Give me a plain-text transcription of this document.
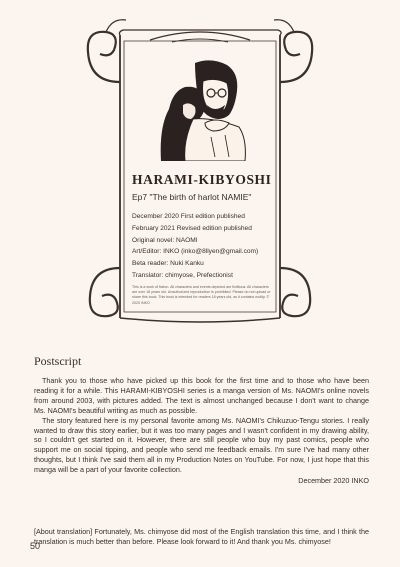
HARAMI-KIBYOSHI
Ep7 "The birth of harlot NAMIE"
December 2020 First edition published
February 2021 Revised edition published
Original novel: NAOMI
Art/Editor: INKO (inko@8llyen@gmail.com)
Beta reader: Nuki Kanku
Translator: chimyose, Prefectionist
This is a work of fiction. All characters and events depicted are fictitious. All characters are over 18 years old. Unauthorized reproduction is prohibited. Please do not upload or share this book. This book is intended for readers 18 years old, as it contains nudity. © 2020 INKO
Postscript

Thank you to those who have picked up this book for the first time and to those who have been reading it for a while. This HARAMI-KIBYOSHI series is a manga version of Ms. NAOMI's online novels from around 2003, with pictures added. The text is almost unchanged because I don't want to change Ms. NAOMI's beautiful writing as much as possible.

The story featured here is my personal favorite among Ms. NAOMI's Chikuzuo-Tengu stories. I really wanted to draw this story earlier, but it was too many pages and I wasn't confident in my drawing ability, so I couldn't get started on it. However, there are still people who buy my past comics, people who support me on social tipping, and people who send me feedback emails. I'm sure I've had many other thoughts, but I think I've said them all in my Production Notes on YouTube. For now, I just hope that this manga will be a part of your favorite collection.

December 2020 INKO
[About translation] Fortunately, Ms. chimyose did most of the English translation this time, and I think the translation is much better than before. Please look forward to it! And thank you Ms. chimyose!
50
